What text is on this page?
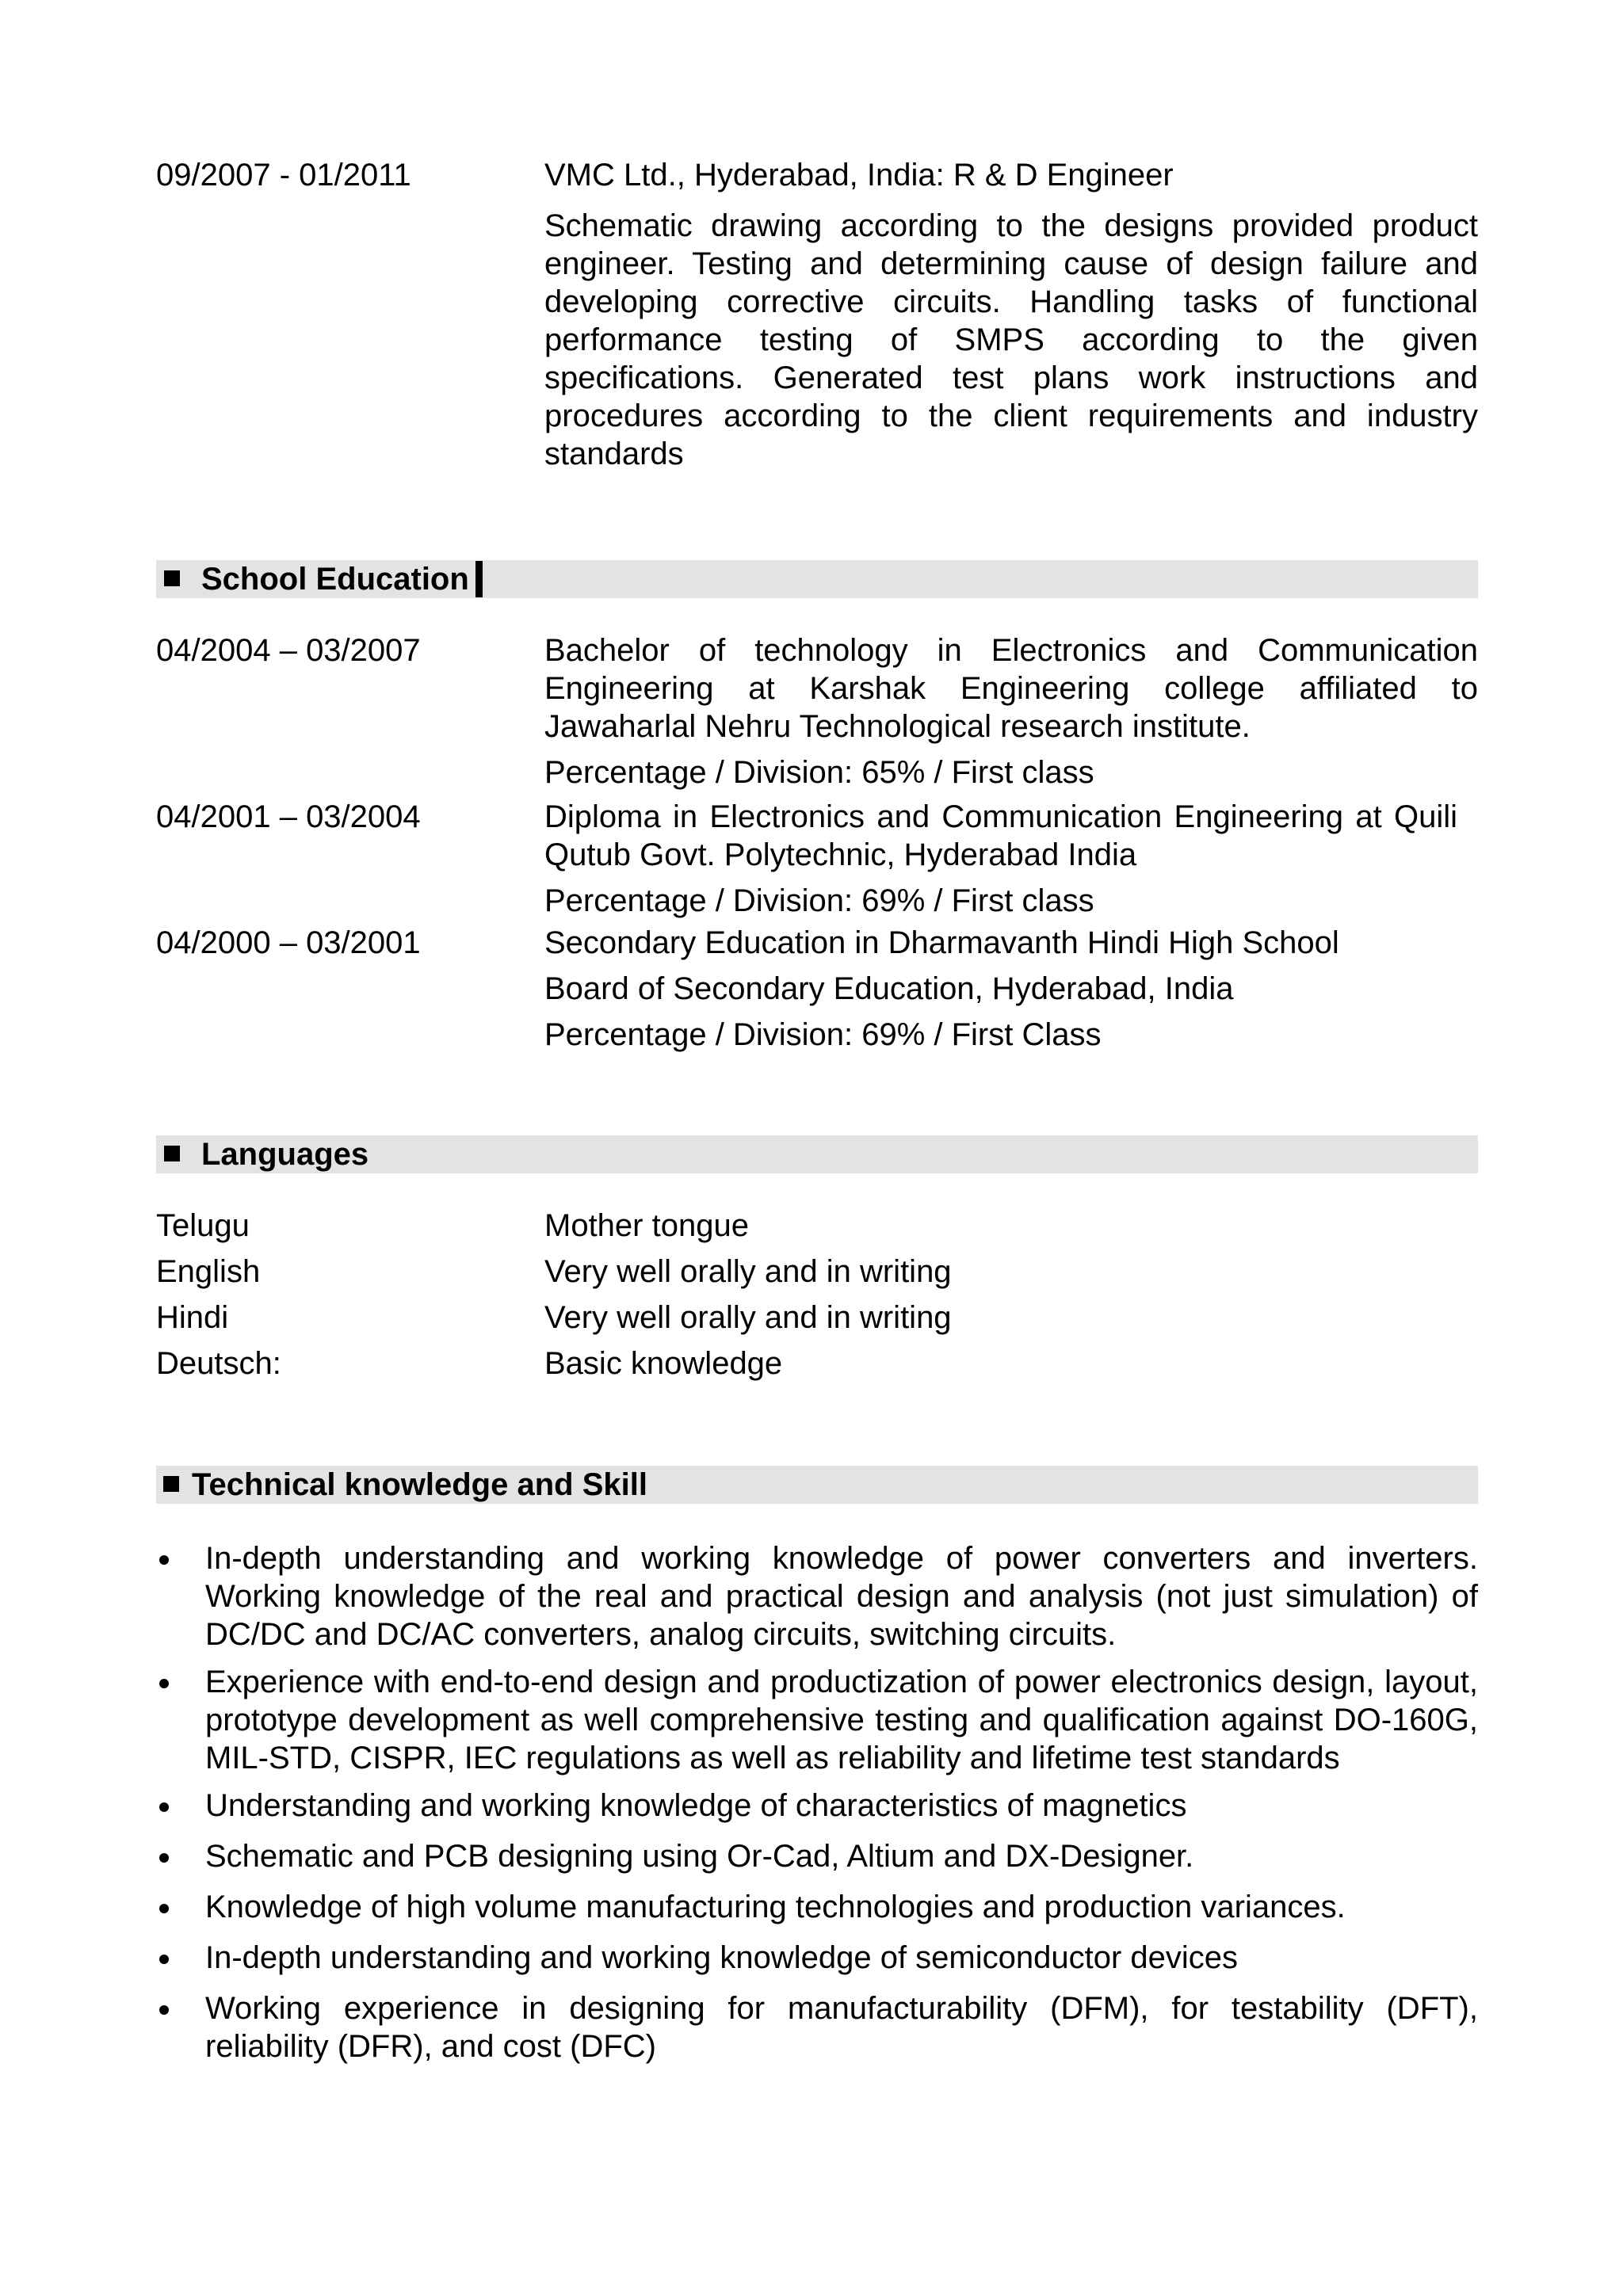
09/2007 - 01/2011	VMC Ltd., Hyderabad, India: R & D Engineer

Schematic drawing according to the designs provided product engineer. Testing and determining cause of design failure and developing corrective circuits. Handling tasks of functional performance testing of SMPS according to the given specifications. Generated test plans work instructions and procedures according to the client requirements and industry standards

School Education
04/2004 – 03/2007	Bachelor of technology in Electronics and Communication Engineering at Karshak Engineering college affiliated to Jawaharlal Nehru Technological research institute.

Percentage / Division: 65% / First class

04/2001 – 03/2004	Diploma in Electronics and Communication Engineering at Quili Qutub Govt. Polytechnic, Hyderabad India

Percentage / Division: 69% / First class

04/2000 – 03/2001	Secondary Education in Dharmavanth Hindi High School

Board of Secondary Education, Hyderabad, India

Percentage / Division: 69% / First Class

Languages
Telugu	Mother tongue
English	Very well orally and in writing
Hindi	Very well orally and in writing
Deutsch:	Basic knowledge
Technical knowledge and Skill
In-depth understanding and working knowledge of power converters and inverters. Working knowledge of the real and practical design and analysis (not just simulation) of DC/DC and DC/AC converters, analog circuits, switching circuits.
Experience with end-to-end design and productization of power electronics design, layout, prototype development as well comprehensive testing and qualification against DO-160G, MIL-STD, CISPR, IEC regulations as well as reliability and lifetime test standards
Understanding and working knowledge of characteristics of magnetics
Schematic and PCB designing using Or-Cad, Altium and DX-Designer.
Knowledge of high volume manufacturing technologies and production variances.
In-depth understanding and working knowledge of semiconductor devices
Working experience in designing for manufacturability (DFM), for testability (DFT), reliability (DFR), and cost (DFC)
